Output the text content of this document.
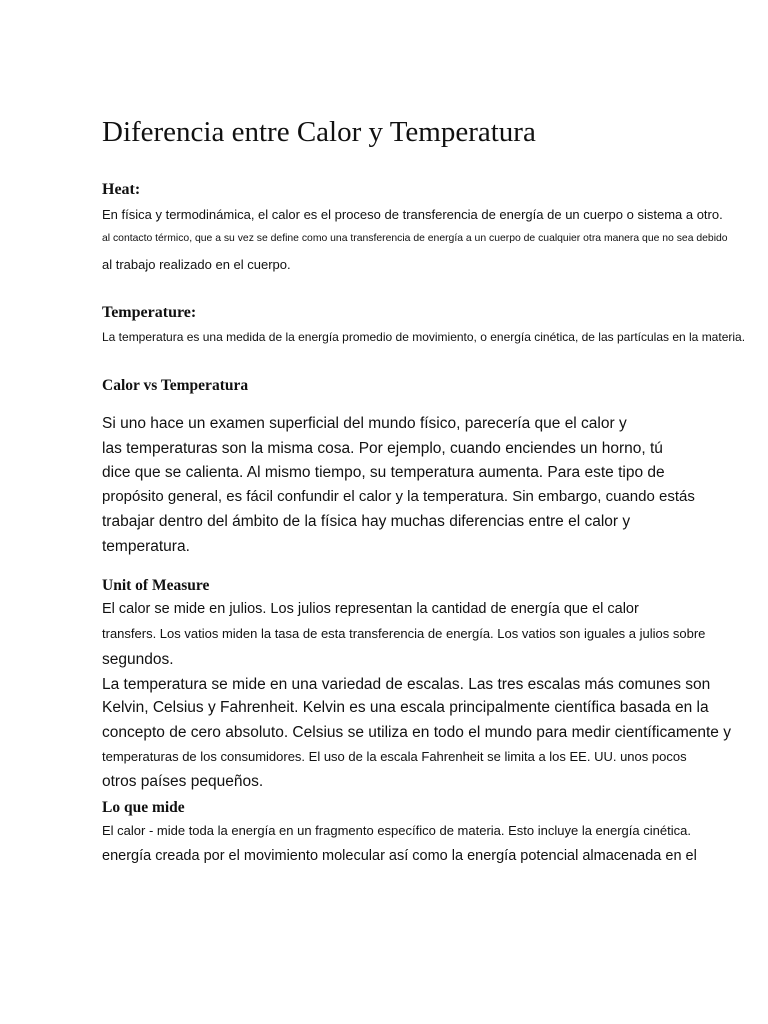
Diferencia entre Calor y Temperatura
Heat:
En física y termodinámica, el calor es el proceso de transferencia de energía de un cuerpo o sistema a otro.
al contacto térmico, que a su vez se define como una transferencia de energía a un cuerpo de cualquier otra manera que no sea debido
al trabajo realizado en el cuerpo.
Temperature:
La temperatura es una medida de la energía promedio de movimiento, o energía cinética, de las partículas en la materia.
Calor vs Temperatura
Si uno hace un examen superficial del mundo físico, parecería que el calor y
las temperaturas son la misma cosa. Por ejemplo, cuando enciendes un horno, tú
dice que se calienta. Al mismo tiempo, su temperatura aumenta. Para este tipo de
propósito general, es fácil confundir el calor y la temperatura. Sin embargo, cuando estás
trabajar dentro del ámbito de la física hay muchas diferencias entre el calor y
temperatura.
Unit of Measure
El calor se mide en julios. Los julios representan la cantidad de energía que el calor
transfers. Los vatios miden la tasa de esta transferencia de energía. Los vatios son iguales a julios sobre
segundos.
La temperatura se mide en una variedad de escalas. Las tres escalas más comunes son
Kelvin, Celsius y Fahrenheit. Kelvin es una escala principalmente científica basada en la
concepto de cero absoluto. Celsius se utiliza en todo el mundo para medir científicamente y
temperaturas de los consumidores. El uso de la escala Fahrenheit se limita a los EE. UU. unos pocos
otros países pequeños.
Lo que mide
El calor - mide toda la energía en un fragmento específico de materia. Esto incluye la energía cinética.
energía creada por el movimiento molecular así como la energía potencial almacenada en el
